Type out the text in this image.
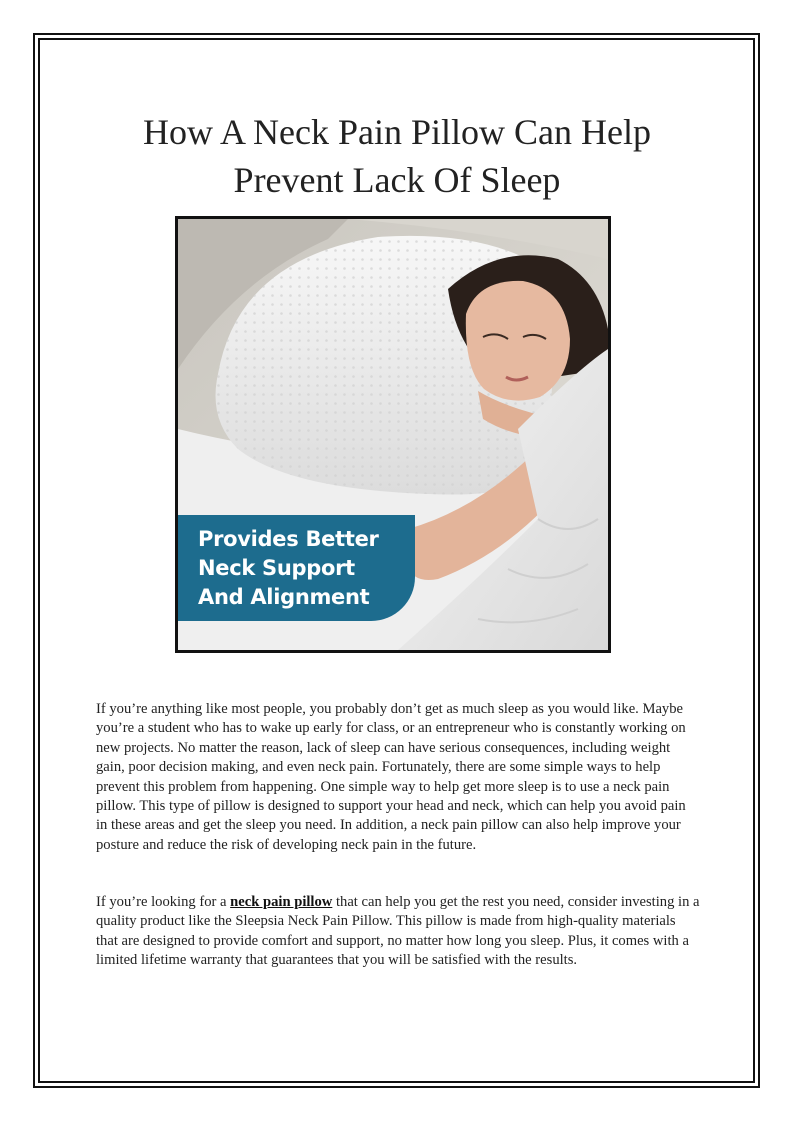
How A Neck Pain Pillow Can Help
Prevent Lack Of Sleep
Provides Better
Neck Support
And Alignment

If you’re anything like most people, you probably don’t get as much sleep as you would like. Maybe you’re a student who has to wake up early for class, or an entrepreneur who is constantly working on new projects. No matter the reason, lack of sleep can have serious consequences, including weight gain, poor decision making, and even neck pain. Fortunately, there are some simple ways to help prevent this problem from happening. One simple way to help get more sleep is to use a neck pain pillow. This type of pillow is designed to support your head and neck, which can help you avoid pain in these areas and get the sleep you need. In addition, a neck pain pillow can also help improve your posture and reduce the risk of developing neck pain in the future.

If you’re looking for a neck pain pillow that can help you get the rest you need, consider investing in a quality product like the Sleepsia Neck Pain Pillow. This pillow is made from high-quality materials that are designed to provide comfort and support, no matter how long you sleep. Plus, it comes with a limited lifetime warranty that guarantees that you will be satisfied with the results.
